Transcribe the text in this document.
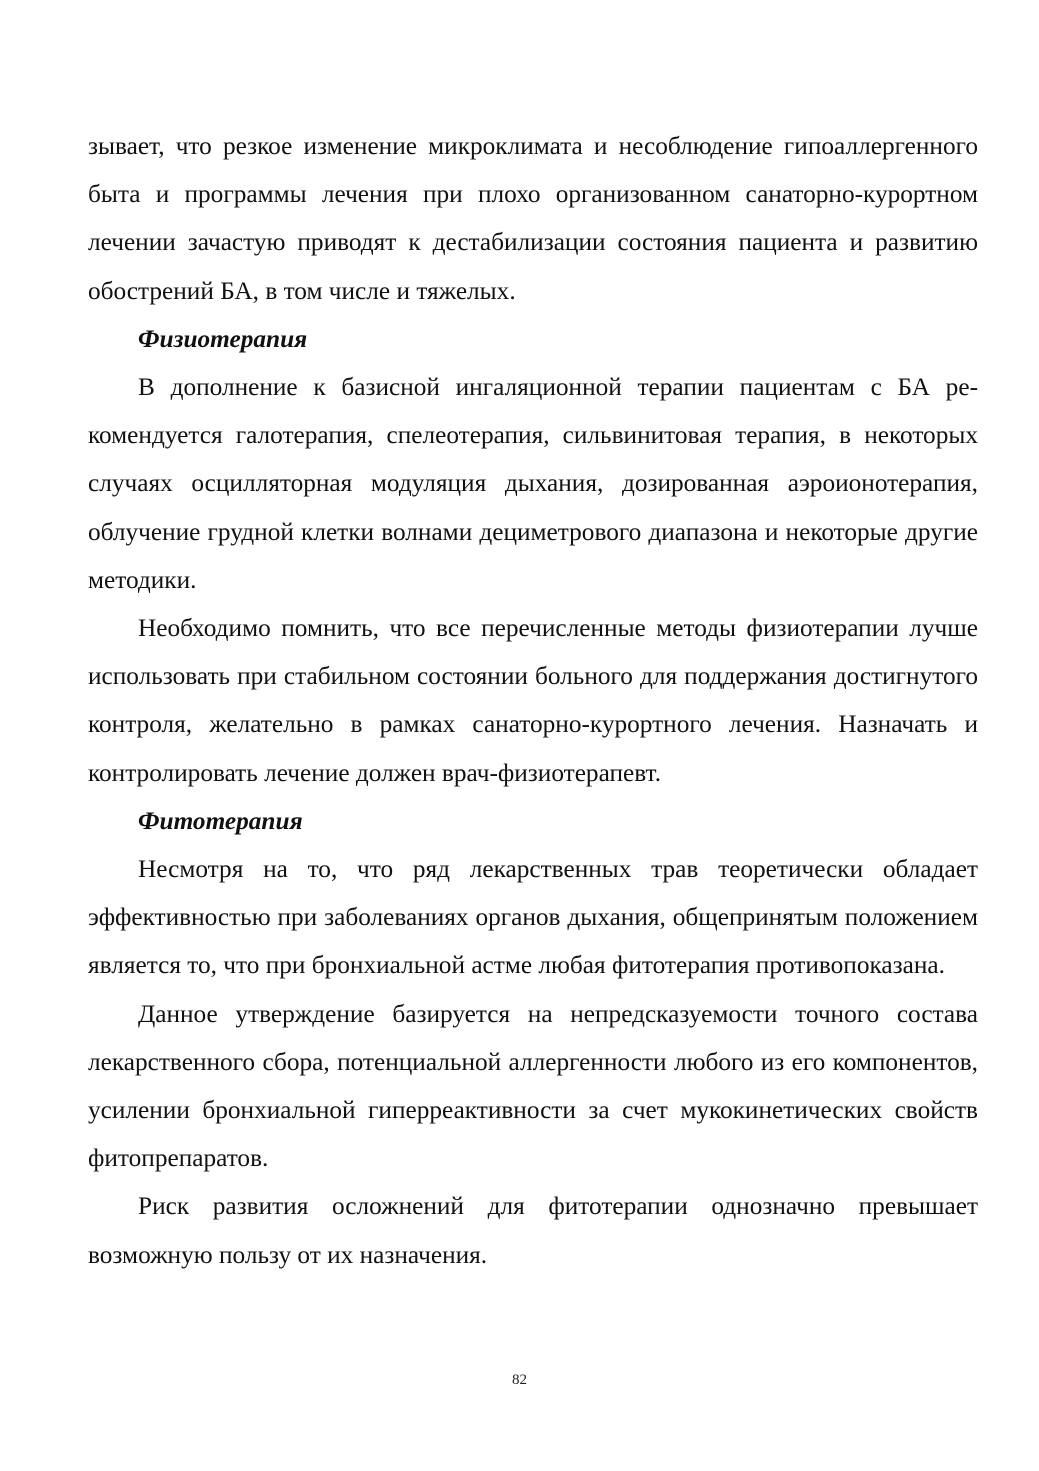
зывает, что резкое изменение микроклимата и несоблюдение гипоаллергенного быта и программы лечения при плохо организованном санаторно-курортном лечении зачастую приводят к дестабилизации состояния пациента и развитию обострений БА, в том числе и тяжелых.

Физиотерапия

В дополнение к базисной ингаляционной терапии пациентам с БА рекомендуется галотерапия, спелеотерапия, сильвинитовая терапия, в некоторых случаях осцилляторная модуляция дыхания, дозированная аэроионотерапия, облучение грудной клетки волнами дециметрового диапазона и некоторые другие методики.

Необходимо помнить, что все перечисленные методы физиотерапии лучше использовать при стабильном состоянии больного для поддержания достигнутого контроля, желательно в рамках санаторно-курортного лечения. Назначать и контролировать лечение должен врач-физиотерапевт.

Фитотерапия

Несмотря на то, что ряд лекарственных трав теоретически обладает эффективностью при заболеваниях органов дыхания, общепринятым положением является то, что при бронхиальной астме любая фитотерапия противопоказана.

Данное утверждение базируется на непредсказуемости точного состава лекарственного сбора, потенциальной аллергенности любого из его компонентов, усилении бронхиальной гиперреактивности за счет мукокинетических свойств фитопрепаратов.

Риск развития осложнений для фитотерапии однозначно превышает возможную пользу от их назначения.

82
